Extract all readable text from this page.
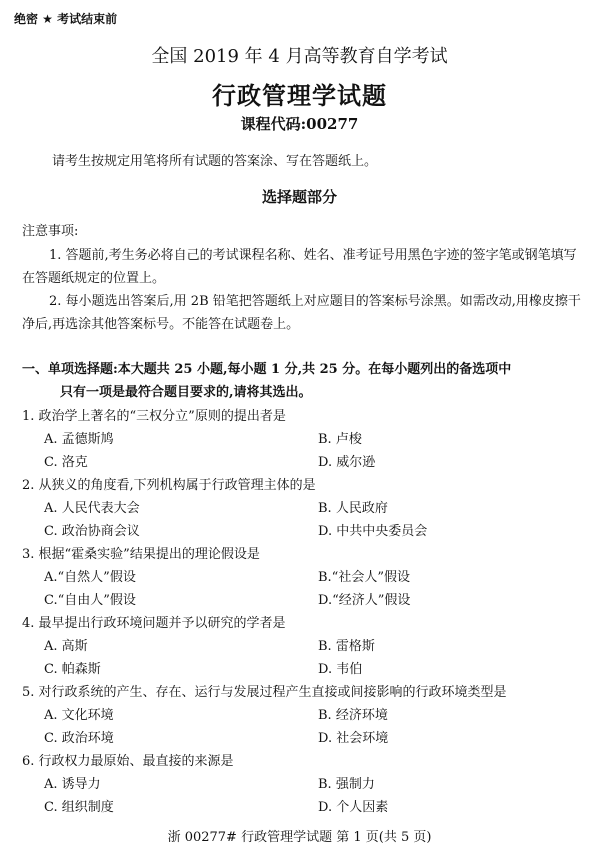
绝密 ★ 考试结束前
全国 2019 年 4 月高等教育自学考试
行政管理学试题
课程代码:00277
请考生按规定用笔将所有试题的答案涂、写在答题纸上。
选择题部分
注意事项:
1. 答题前,考生务必将自己的考试课程名称、姓名、准考证号用黑色字迹的签字笔或钢笔填写在答题纸规定的位置上。
2. 每小题选出答案后,用 2B 铅笔把答题纸上对应题目的答案标号涂黑。如需改动,用橡皮擦干净后,再选涂其他答案标号。不能答在试题卷上。
一、单项选择题:本大题共 25 小题,每小题 1 分,共 25 分。在每小题列出的备选项中
只有一项是最符合题目要求的,请将其选出。
1. 政治学上著名的“三权分立”原则的提出者是
A. 孟德斯鸠	B. 卢梭
C. 洛克	D. 威尔逊
2. 从狭义的角度看,下列机构属于行政管理主体的是
A. 人民代表大会	B. 人民政府
C. 政治协商会议	D. 中共中央委员会
3. 根据“霍桑实验”结果提出的理论假设是
A.“自然人”假设	B.“社会人”假设
C.“自由人”假设	D.“经济人”假设
4. 最早提出行政环境问题并予以研究的学者是
A. 高斯	B. 雷格斯
C. 帕森斯	D. 韦伯
5. 对行政系统的产生、存在、运行与发展过程产生直接或间接影响的行政环境类型是
A. 文化环境	B. 经济环境
C. 政治环境	D. 社会环境
6. 行政权力最原始、最直接的来源是
A. 诱导力	B. 强制力
C. 组织制度	D. 个人因素
浙 00277# 行政管理学试题 第 1 页(共 5 页)
